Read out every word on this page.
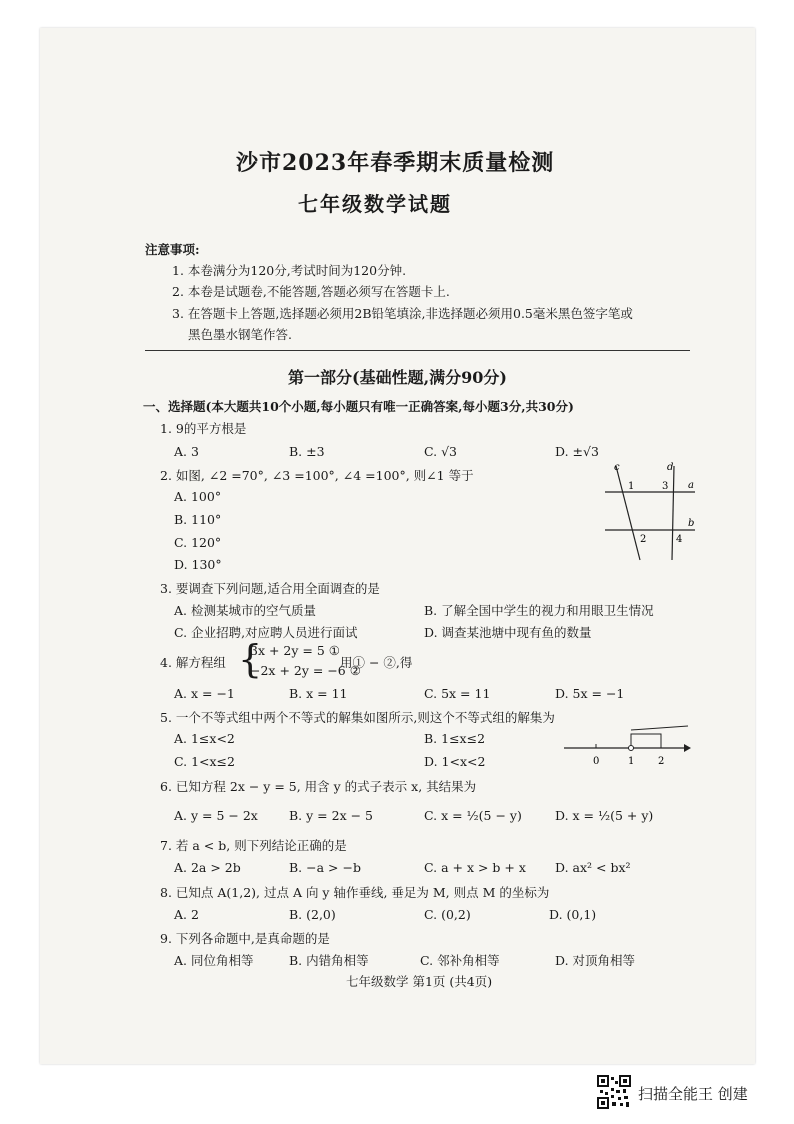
沙市2023年春季期末质量检测
七年级数学试题
注意事项:
1. 本卷满分为120分,考试时间为120分钟.
2. 本卷是试题卷,不能答题,答题必须写在答题卡上.
3. 在答题卡上答题,选择题必须用2B铅笔填涂,非选择题必须用0.5毫米黑色签字笔或
黑色墨水钢笔作答.
第一部分(基础性题,满分90分)
一、选择题(本大题共10个小题,每小题只有唯一正确答案,每小题3分,共30分)
1. 9的平方根是
A. 3	B. ±3	C. √3	D. ±√3
2. 如图, ∠2 =70°, ∠3 =100°, ∠4 =100°, 则∠1 等于
A. 100°
B. 110°
C. 120°
D. 130°
c	d
a
b
1
2
3
4
3. 要调查下列问题,适合用全面调查的是
A. 检测某城市的空气质量	B. 了解全国中学生的视力和用眼卫生情况
C. 企业招聘,对应聘人员进行面试	D. 调查某池塘中现有鱼的数量
4. 解方程组 {
3x + 2y = 5 ①
−2x + 2y = −6 ②
用① − ②,得
A. x = −1	B. x = 11	C. 5x = 11	D. 5x = −1
5. 一个不等式组中两个不等式的解集如图所示,则这个不等式组的解集为
A. 1≤x<2	B. 1≤x≤2
C. 1<x≤2	D. 1<x<2	0	1 2
6. 已知方程 2x − y = 5, 用含 y 的式子表示 x, 其结果为
A. y = 5 − 2x B. y = 2x − 5	C. x = ½(5 − y)	D. x = ½(5 + y)
7. 若 a < b, 则下列结论正确的是
A. 2a > 2b	B. −a > −b	C. a + x > b + x D. ax² < bx²
8. 已知点 A(1,2), 过点 A 向 y 轴作垂线, 垂足为 M, 则点 M 的坐标为
A. 2	B. (2,0)	C. (0,2)	D. (0,1)
9. 下列各命题中,是真命题的是
A. 同位角相等	B. 内错角相等	C. 邻补角相等	D. 对顶角相等
七年级数学 第1页 (共4页)
扫描全能王 创建
